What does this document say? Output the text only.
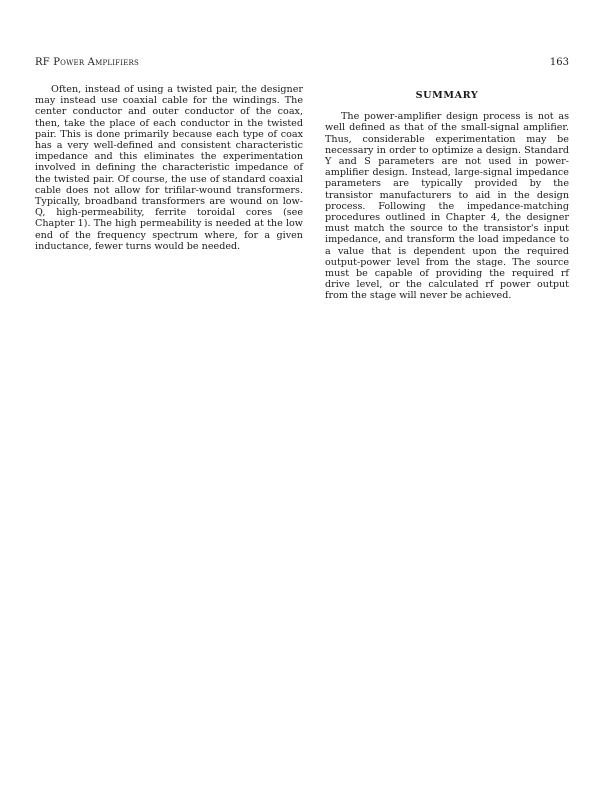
RF Power Amplifiers	163

Often, instead of using a twisted pair, the designer may instead use coaxial cable for the windings. The center conductor and outer conductor of the coax, then, take the place of each conductor in the twisted pair. This is done primarily because each type of coax has a very well-defined and consistent characteristic impedance and this eliminates the experimentation involved in defining the characteristic impedance of the twisted pair. Of course, the use of standard coaxial cable does not allow for trifilar-wound transformers. Typically, broadband transformers are wound on low-Q, high-permeability, ferrite toroidal cores (see Chapter 1). The high permeability is needed at the low end of the frequency spectrum where, for a given inductance, fewer turns would be needed.

SUMMARY

The power-amplifier design process is not as well defined as that of the small-signal amplifier. Thus, considerable experimentation may be necessary in order to optimize a design. Standard Y and S parameters are not used in power-amplifier design. Instead, large-signal impedance parameters are typically provided by the transistor manufacturers to aid in the design process. Following the impedance-matching procedures outlined in Chapter 4, the designer must match the source to the transistor's input impedance, and transform the load impedance to a value that is dependent upon the required output-power level from the stage. The source must be capable of providing the required rf drive level, or the calculated rf power output from the stage will never be achieved.
